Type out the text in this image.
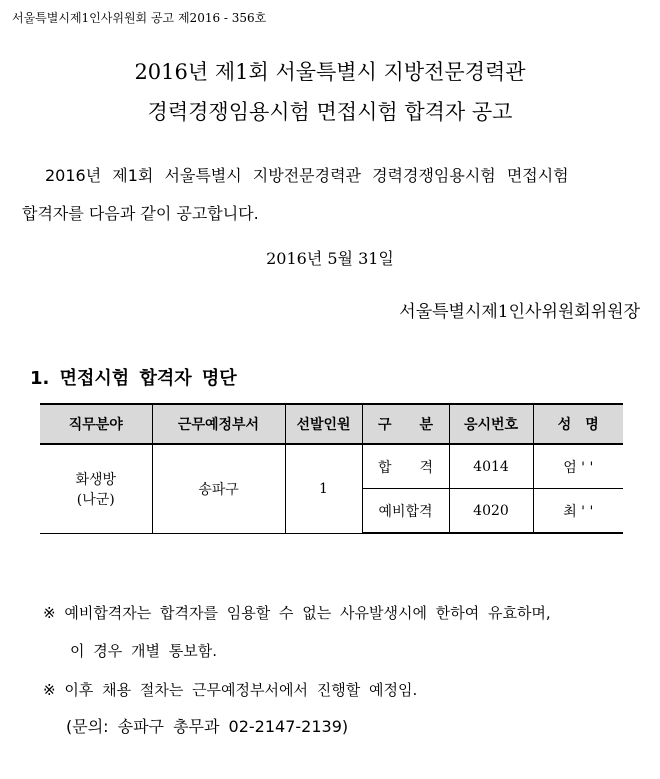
서울특별시제1인사위원회 공고 제2016 - 356호
2016년 제1회 서울특별시 지방전문경력관
경력경쟁임용시험 면접시험 합격자 공고
2016년 제1회 서울특별시 지방전문경력관 경력경쟁임용시험 면접시험
합격자를 다음과 같이 공고합니다.
2016년 5월 31일
서울특별시제1인사위원회위원장
1. 면접시험 합격자 명단
직무분야	근무예정부서	선발인원	구　　분	응시번호	성　명

화생방
(나군)	송파구	1	합　　격	4014	엄 ' '
			예비합격	4020	최 ' '
※ 예비합격자는 합격자를 임용할 수 없는 사유발생시에 한하여 유효하며,
이 경우 개별 통보함.
※ 이후 채용 절차는 근무예정부서에서 진행할 예정임.
(문의: 송파구 총무과 02-2147-2139)
